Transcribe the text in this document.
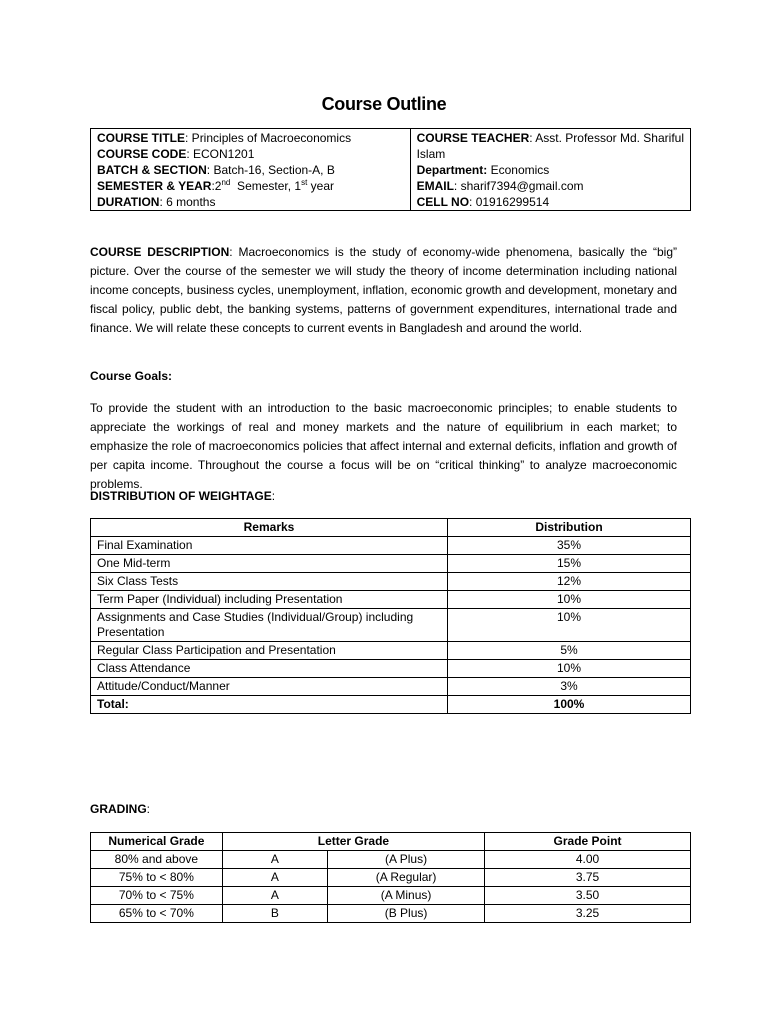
Course Outline
COURSE TITLE: Principles of Macroeconomics
COURSE CODE: ECON1201
BATCH & SECTION: Batch-16, Section-A, B
SEMESTER & YEAR:2nd  Semester, 1st year
DURATION: 6 months

COURSE TEACHER: Asst. Professor Md. Shariful
Islam
Department: Economics
EMAIL: sharif7394@gmail.com
CELL NO: 01916299514

COURSE DESCRIPTION: Macroeconomics is the study of economy-wide phenomena, basically the “big” picture. Over the course of the semester we will study the theory of income determination including national income concepts, business cycles, unemployment, inflation, economic growth and development, monetary and fiscal policy, public debt, the banking systems, patterns of government expenditures, international trade and finance. We will relate these concepts to current events in Bangladesh and around the world.

Course Goals:

To provide the student with an introduction to the basic macroeconomic principles; to enable students to appreciate the workings of real and money markets and the nature of equilibrium in each market; to emphasize the role of macroeconomics policies that affect internal and external deficits, inflation and growth of per capita income. Throughout the course a focus will be on “critical thinking” to analyze macroeconomic problems.

DISTRIBUTION OF WEIGHTAGE:

Remarks	Distribution
Final Examination	35%
One Mid-term	15%
Six Class Tests	12%
Term Paper (Individual) including Presentation	10%
Assignments and Case Studies (Individual/Group) including Presentation	10%
Regular Class Participation and Presentation	5%
Class Attendance	10%
Attitude/Conduct/Manner	3%
Total:	100%

GRADING:

Numerical Grade	Letter Grade		Grade Point
80% and above	A	(A Plus)	4.00
75% to < 80%	A	(A Regular)	3.75
70% to < 75%	A	(A Minus)	3.50
65% to < 70%	B	(B Plus)	3.25
